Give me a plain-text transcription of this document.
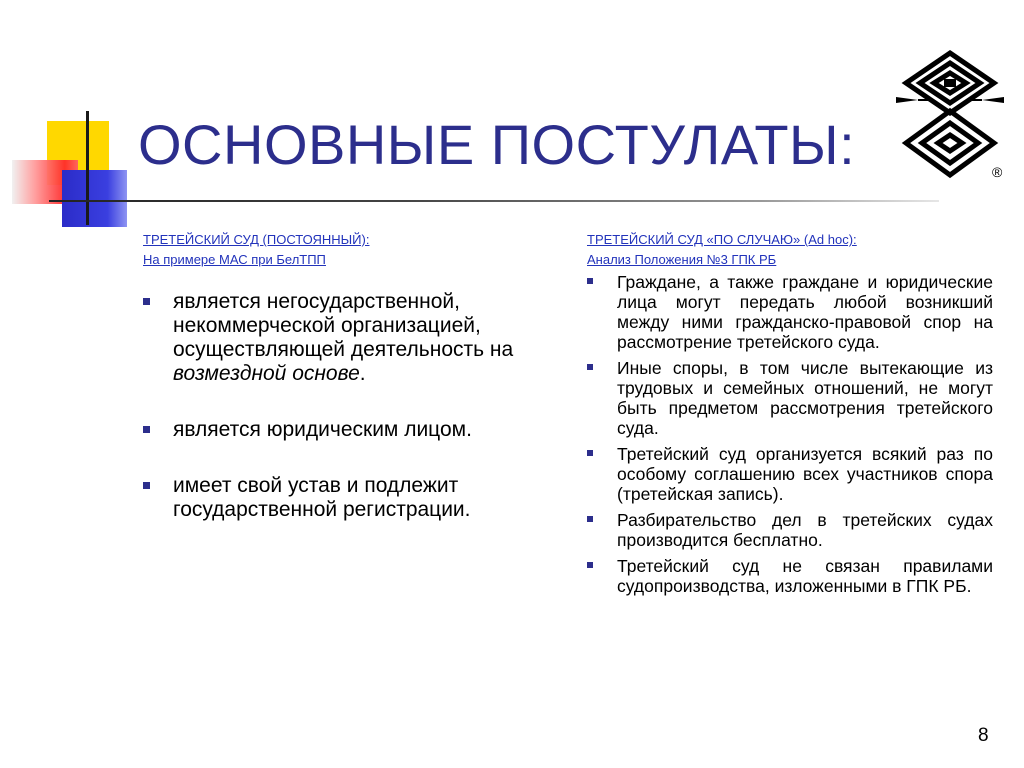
ОСНОВНЫЕ ПОСТУЛАТЫ:	®
ТРЕТЕЙСКИЙ СУД (ПОСТОЯННЫЙ):
На примере МАС при БелТПП
является негосударственной, некоммерческой организацией, осуществляющей деятельность на возмездной основе.
является юридическим лицом.
имеет свой устав и подлежит государственной регистрации.
ТРЕТЕЙСКИЙ СУД «ПО СЛУЧАЮ» (Ad hoc):
Анализ Положения №3 ГПК РБ
Граждане, а также граждане и юридические лица могут передать любой возникший между ними гражданско-правовой спор на рассмотрение третейского суда.
Иные споры, в том числе вытекающие из трудовых и семейных отношений, не могут быть предметом рассмотрения третейского суда.
Третейский суд организуется всякий раз по особому соглашению всех участников спора (третейская запись).
Разбирательство дел в третейских судах производится бесплатно.
Третейский суд не связан правилами судопроизводства, изложенными в ГПК РБ.
8
